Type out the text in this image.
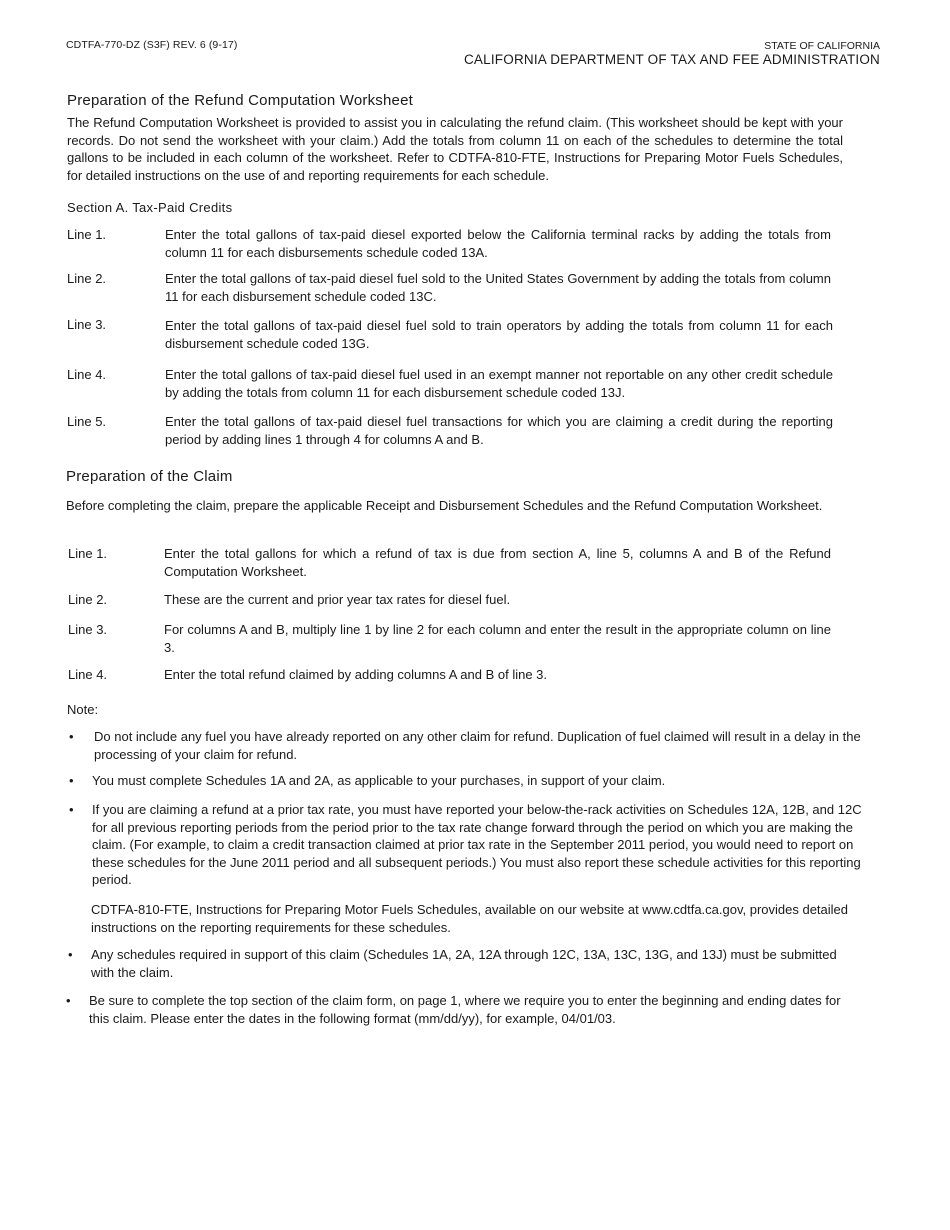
CDTFA-770-DZ (S3F) REV. 6 (9-17)	STATE OF CALIFORNIA
CALIFORNIA DEPARTMENT OF TAX AND FEE ADMINISTRATION
Preparation of the Refund Computation Worksheet
The Refund Computation Worksheet is provided to assist you in calculating the refund claim. (This worksheet should be kept with your records. Do not send the worksheet with your claim.) Add the totals from column 11 on each of the schedules to determine the total gallons to be included in each column of the worksheet. Refer to CDTFA-810-FTE, Instructions for Preparing Motor Fuels Schedules, for detailed instructions on the use of and reporting requirements for each schedule.
Section A. Tax-Paid Credits
Line 1.	Enter the total gallons of tax-paid diesel exported below the California terminal racks by adding the totals from column 11 for each disbursements schedule coded 13A.
Line 2.	Enter the total gallons of tax-paid diesel fuel sold to the United States Government by adding the totals from column 11 for each disbursement schedule coded 13C.
Line 3.	Enter the total gallons of tax-paid diesel fuel sold to train operators by adding the totals from column 11 for each disbursement schedule coded 13G.
Line 4.	Enter the total gallons of tax-paid diesel fuel used in an exempt manner not reportable on any other credit schedule by adding the totals from column 11 for each disbursement schedule coded 13J.
Line 5.	Enter the total gallons of tax-paid diesel fuel transactions for which you are claiming a credit during the reporting period by adding lines 1 through 4 for columns A and B.
Preparation of the Claim
Before completing the claim, prepare the applicable Receipt and Disbursement Schedules and the Refund Computation Worksheet.
Line 1.	Enter the total gallons for which a refund of tax is due from section A, line 5, columns A and B of the Refund Computation Worksheet.
Line 2.	These are the current and prior year tax rates for diesel fuel.
Line 3.	For columns A and B, multiply line 1 by line 2 for each column and enter the result in the appropriate column on line 3.
Line 4.	Enter the total refund claimed by adding columns A and B of line 3.
Note:
• Do not include any fuel you have already reported on any other claim for refund. Duplication of fuel claimed will result in a delay in the processing of your claim for refund.
• You must complete Schedules 1A and 2A, as applicable to your purchases, in support of your claim.
• If you are claiming a refund at a prior tax rate, you must have reported your below-the-rack activities on Schedules 12A, 12B, and 12C for all previous reporting periods from the period prior to the tax rate change forward through the period on which you are making the claim. (For example, to claim a credit transaction claimed at prior tax rate in the September 2011 period, you would need to report on these schedules for the June 2011 period and all subsequent periods.) You must also report these schedule activities for this reporting period.
CDTFA-810-FTE, Instructions for Preparing Motor Fuels Schedules, available on our website at www.cdtfa.ca.gov, provides detailed instructions on the reporting requirements for these schedules.
• Any schedules required in support of this claim (Schedules 1A, 2A, 12A through 12C, 13A, 13C, 13G, and 13J) must be submitted with the claim.
• Be sure to complete the top section of the claim form, on page 1, where we require you to enter the beginning and ending dates for this claim. Please enter the dates in the following format (mm/dd/yy), for example, 04/01/03.
